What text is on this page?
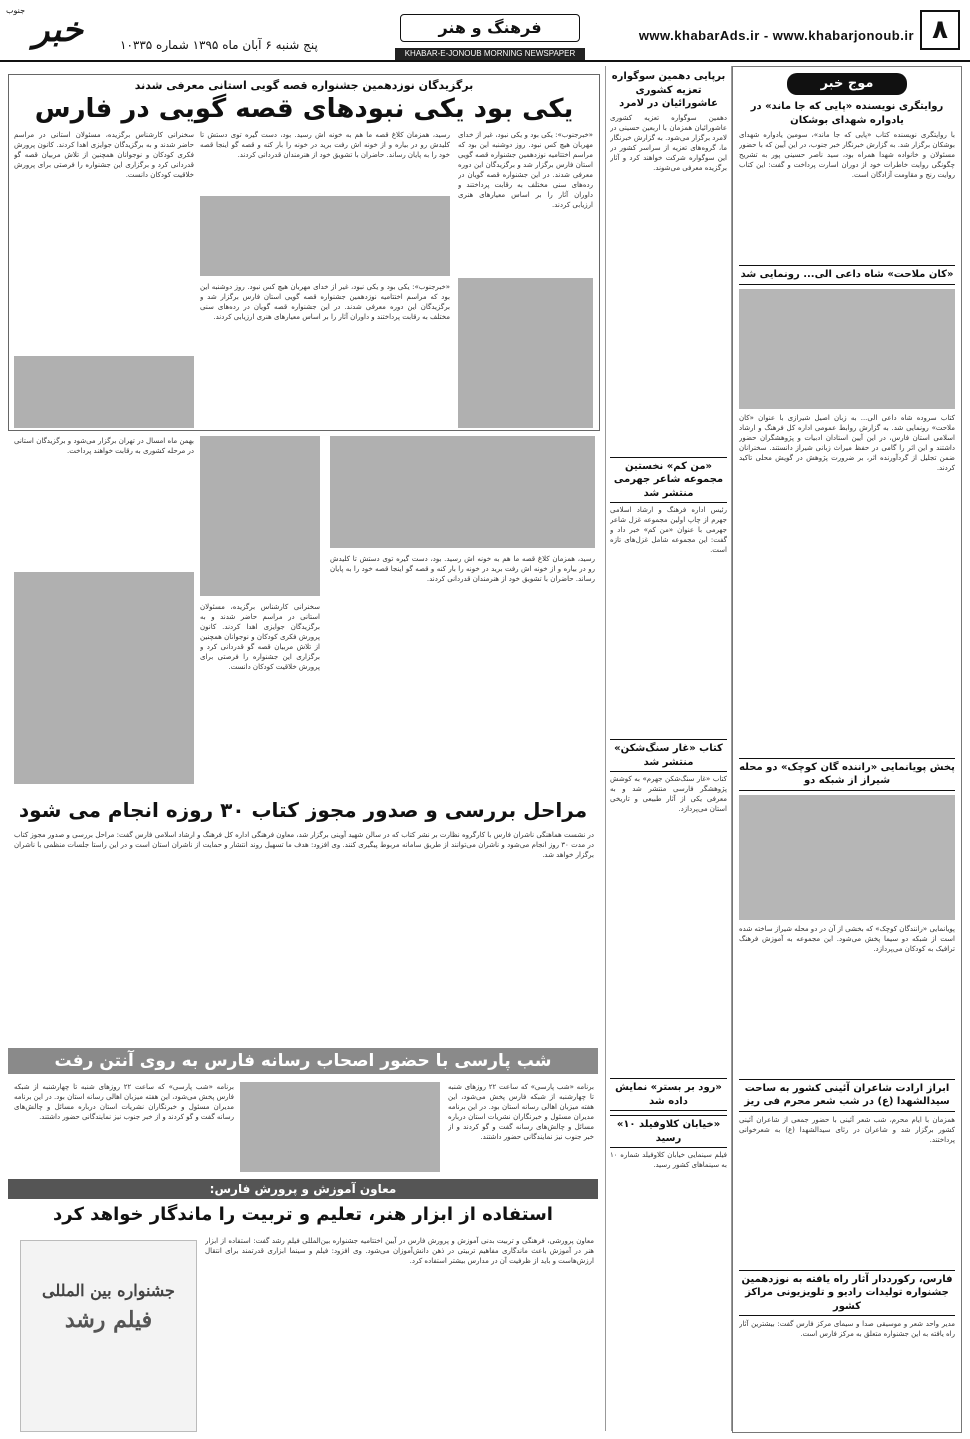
۸
www.khabarAds.ir - www.khabarjonoub.ir
فرهنگ و هنر
پنج شنبه ۶ آبان ماه ۱۳۹۵ شماره ۱۰۳۳۵
KHABAR-E-JONOUB MORNING NEWSPAPER
خبر
جنوب
موج خبر
روایتگری نویسنده «پایی که جا ماند» در یادواره شهدای بوشکان
با روایتگری نویسنده کتاب «پایی که جا ماند»، سومین یادواره شهدای بوشکان برگزار شد. به گزارش خبرنگار خبر جنوب، در این آیین که با حضور مسئولان و خانواده شهدا همراه بود، سید ناصر حسینی پور به تشریح چگونگی روایت خاطرات خود از دوران اسارت پرداخت و گفت: این کتاب روایت رنج و مقاومت آزادگان است.
«کان ملاحت» شاه داعی الی... رونمایی شد
کتاب سروده شاه داعی الی... به زبان اصیل شیرازی با عنوان «کان ملاحت» رونمایی شد. به گزارش روابط عمومی اداره کل فرهنگ و ارشاد اسلامی استان فارس، در این آیین استادان ادبیات و پژوهشگران حضور داشتند و این اثر را گامی در حفظ میراث زبانی شیراز دانستند. سخنرانان ضمن تجلیل از گردآورنده اثر، بر ضرورت پژوهش در گویش محلی تاکید کردند.
پخش پویانمایی «راننده گان کوچک» دو محله شیراز از شبکه دو
پویانمایی «رانندگان کوچک» که بخشی از آن در دو محله شیراز ساخته شده است از شبکه دو سیما پخش می‌شود. این مجموعه به آموزش فرهنگ ترافیک به کودکان می‌پردازد.
ابراز ارادت شاعران آئینی کشور به ساحت سیدالشهدا (ع) در شب شعر محرم فی ریز
همزمان با ایام محرم، شب شعر آئینی با حضور جمعی از شاعران آئینی کشور برگزار شد و شاعران در رثای سیدالشهدا (ع) به شعرخوانی پرداختند.
فارس، رکورددار آثار راه یافته به نوزدهمین جشنواره تولیدات رادیو و تلویزیونی مراکز کشور
مدیر واحد شعر و موسیقی صدا و سیمای مرکز فارس گفت: بیشترین آثار راه یافته به این جشنواره متعلق به مرکز فارس است.
برپایی دهمین سوگواره تعزیه کشوری عاشورائیان در لامرد
دهمین سوگواره تعزیه کشوری عاشورائیان همزمان با اربعین حسینی در لامرد برگزار می‌شود. به گزارش خبرنگار ما، گروه‌های تعزیه از سراسر کشور در این سوگواره شرکت خواهند کرد و آثار برگزیده معرفی می‌شوند.
«من کم» نخستین مجموعه شاعر جهرمی منتشر شد
رئیس اداره فرهنگ و ارشاد اسلامی جهرم از چاپ اولین مجموعه غزل شاعر جهرمی با عنوان «من کم» خبر داد و گفت: این مجموعه شامل غزل‌های تازه است.
کتاب «غار سنگ‌شکن» منتشر شد
کتاب «غار سنگ‌شکن جهرم» به کوشش پژوهشگر فارسی منتشر شد و به معرفی یکی از آثار طبیعی و تاریخی استان می‌پردازد.
«رود بر بستر» نمایش داده شد
«خیابان کلاوفیلد ۱۰» رسید
فیلم سینمایی خیابان کلاوفیلد شماره ۱۰ به سینماهای کشور رسید.
برگزیدگان نوزدهمین جشنواره قصه گویی استانی معرفی شدند
یکی بود یکی نبودهای قصه گویی در فارس
«خبرجنوب»: یکی بود و یکی نبود، غیر از خدای مهربان هیچ کس نبود. روز دوشنبه این بود که مراسم اختتامیه نوزدهمین جشنواره قصه گویی استان فارس برگزار شد و برگزیدگان این دوره معرفی شدند. در این جشنواره قصه گویان در رده‌های سنی مختلف به رقابت پرداختند و داوران آثار را بر اساس معیارهای هنری ارزیابی کردند.
رسید، همزمان کلاغ قصه ما هم به خونه اش رسید. بود، دست گیره توی دستش تا کلیدش رو در بیاره و از خونه اش رفت برید در خونه را بار کنه و قصه گو اینجا قصه خود را به پایان رساند. حاضران با تشویق خود از هنرمندان قدردانی کردند.
«خبرجنوب»: یکی بود و یکی نبود، غیر از خدای مهربان هیچ کس نبود. روز دوشنبه این بود که مراسم اختتامیه نوزدهمین جشنواره قصه گویی استان فارس برگزار شد و برگزیدگان این دوره معرفی شدند. در این جشنواره قصه گویان در رده‌های سنی مختلف به رقابت پرداختند و داوران آثار را بر اساس معیارهای هنری ارزیابی کردند.
سخنرانی کارشناس برگزیده، مسئولان استانی در مراسم حاضر شدند و به برگزیدگان جوایزی اهدا کردند. کانون پرورش فکری کودکان و نوجوانان همچنین از تلاش مربیان قصه گو قدردانی کرد و برگزاری این جشنواره را فرصتی برای پرورش خلاقیت کودکان دانست.
رسید، همزمان کلاغ قصه ما هم به خونه اش رسید. بود، دست گیره توی دستش تا کلیدش رو در بیاره و از خونه اش رفت برید در خونه را بار کنه و قصه گو اینجا قصه خود را به پایان رساند. حاضران با تشویق خود از هنرمندان قدردانی کردند.
سخنرانی کارشناس برگزیده، مسئولان استانی در مراسم حاضر شدند و به برگزیدگان جوایزی اهدا کردند. کانون پرورش فکری کودکان و نوجوانان همچنین از تلاش مربیان قصه گو قدردانی کرد و برگزاری این جشنواره را فرصتی برای پرورش خلاقیت کودکان دانست.
بهمن ماه امسال در تهران برگزار می‌شود و برگزیدگان استانی در مرحله کشوری به رقابت خواهند پرداخت.
مراحل بررسی و صدور مجوز کتاب ۳۰ روزه انجام می شود
در نشست هماهنگی ناشران فارس با کارگروه نظارت بر نشر کتاب که در سالن شهید آوینی برگزار شد، معاون فرهنگی اداره کل فرهنگ و ارشاد اسلامی فارس گفت: مراحل بررسی و صدور مجوز کتاب در مدت ۳۰ روز انجام می‌شود و ناشران می‌توانند از طریق سامانه مربوط پیگیری کنند. وی افزود: هدف ما تسهیل روند انتشار و حمایت از ناشران استان است و در این راستا جلسات منظمی با ناشران برگزار خواهد شد.
شب پارسی با حضور اصحاب رسانه فارس به روی آنتن رفت
برنامه «شب پارسی» که ساعت ۲۲ روزهای شنبه تا چهارشنبه از شبکه فارس پخش می‌شود، این هفته میزبان اهالی رسانه استان بود. در این برنامه مدیران مسئول و خبرنگاران نشریات استان درباره مسائل و چالش‌های رسانه گفت و گو کردند و از خبر جنوب نیز نمایندگانی حضور داشتند.
برنامه «شب پارسی» که ساعت ۲۲ روزهای شنبه تا چهارشنبه از شبکه فارس پخش می‌شود، این هفته میزبان اهالی رسانه استان بود. در این برنامه مدیران مسئول و خبرنگاران نشریات استان درباره مسائل و چالش‌های رسانه گفت و گو کردند و از خبر جنوب نیز نمایندگانی حضور داشتند.
معاون آموزش و پرورش فارس:
استفاده از ابزار هنر، تعلیم و تربیت را ماندگار خواهد کرد
معاون پرورشی، فرهنگی و تربیت بدنی آموزش و پرورش فارس در آیین اختتامیه جشنواره بین‌المللی فیلم رشد گفت: استفاده از ابزار هنر در آموزش باعث ماندگاری مفاهیم تربیتی در ذهن دانش‌آموزان می‌شود. وی افزود: فیلم و سینما ابزاری قدرتمند برای انتقال ارزش‌هاست و باید از ظرفیت آن در مدارس بیشتر استفاده کرد.
جشنواره بین المللی
فیلم رشد
